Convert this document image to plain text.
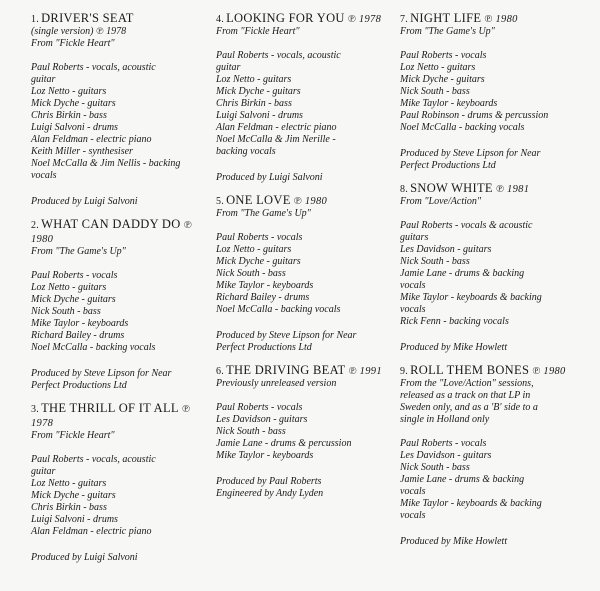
1. DRIVER'S SEAT
(single version) ℗ 1978
From "Fickle Heart"
Paul Roberts - vocals, acoustic
guitar
Loz Netto - guitars
Mick Dyche - guitars
Chris Birkin - bass
Luigi Salvoni - drums
Alan Feldman - electric piano
Keith Miller - synthesiser
Noel McCalla & Jim Nellis - backing
vocals
Produced by Luigi Salvoni
2. WHAT CAN DADDY DO ℗ 1980
From "The Game's Up"
Paul Roberts - vocals
Loz Netto - guitars
Mick Dyche - guitars
Nick South - bass
Mike Taylor - keyboards
Richard Bailey - drums
Noel McCalla - backing vocals
Produced by Steve Lipson for Near
Perfect Productions Ltd
3. THE THRILL OF IT ALL ℗ 1978
From "Fickle Heart"
Paul Roberts - vocals, acoustic
guitar
Loz Netto - guitars
Mick Dyche - guitars
Chris Birkin - bass
Luigi Salvoni - drums
Alan Feldman - electric piano
Produced by Luigi Salvoni
4. LOOKING FOR YOU ℗ 1978
From "Fickle Heart"
Paul Roberts - vocals, acoustic
guitar
Loz Netto - guitars
Mick Dyche - guitars
Chris Birkin - bass
Luigi Salvoni - drums
Alan Feldman - electric piano
Noel McCalla & Jim Nerille -
backing vocals
Produced by Luigi Salvoni
5. ONE LOVE ℗ 1980
From "The Game's Up"
Paul Roberts - vocals
Loz Netto - guitars
Mick Dyche - guitars
Nick South - bass
Mike Taylor - keyboards
Richard Bailey - drums
Noel McCalla - backing vocals
Produced by Steve Lipson for Near
Perfect Productions Ltd
6. THE DRIVING BEAT ℗ 1991
Previously unreleased version
Paul Roberts - vocals
Les Davidson - guitars
Nick South - bass
Jamie Lane - drums & percussion
Mike Taylor - keyboards
Produced by Paul Roberts
Engineered by Andy Lyden
7. NIGHT LIFE ℗ 1980
From "The Game's Up"
Paul Roberts - vocals
Loz Netto - guitars
Mick Dyche - guitars
Nick South - bass
Mike Taylor - keyboards
Paul Robinson - drums & percussion
Noel McCalla - backing vocals
Produced by Steve Lipson for Near
Perfect Productions Ltd
8. SNOW WHITE ℗ 1981
From "Love/Action"
Paul Roberts - vocals & acoustic
guitars
Les Davidson - guitars
Nick South - bass
Jamie Lane - drums & backing
vocals
Mike Taylor - keyboards & backing
vocals
Rick Fenn - backing vocals
Produced by Mike Howlett
9. ROLL THEM BONES ℗ 1980
From the "Love/Action" sessions,
released as a track on that LP in
Sweden only, and as a 'B' side to a
single in Holland only
Paul Roberts - vocals
Les Davidson - guitars
Nick South - bass
Jamie Lane - drums & backing
vocals
Mike Taylor - keyboards & backing
vocals
Produced by Mike Howlett
